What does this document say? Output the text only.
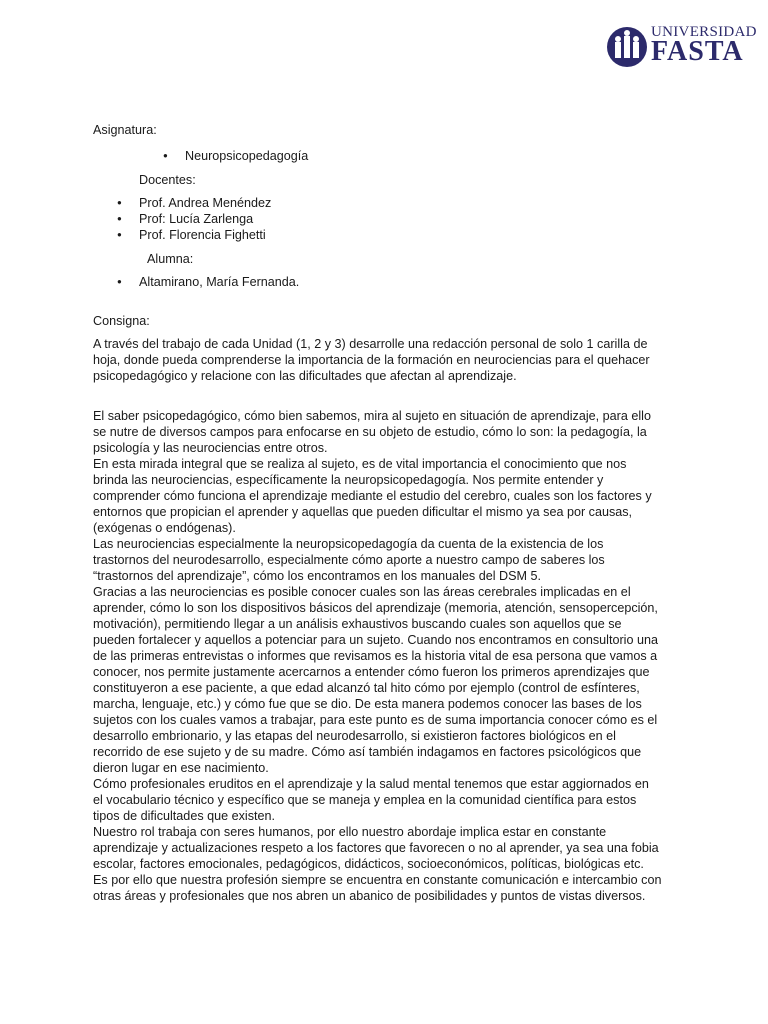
UNIVERSIDAD
FASTA

Asignatura:

● Neuropsicopedagogía

Docentes:

● Prof. Andrea Menéndez

● Prof: Lucía Zarlenga

● Prof. Florencia Fighetti

Alumna:

● Altamirano, María Fernanda.

Consigna:

A través del trabajo de cada Unidad (1, 2 y 3) desarrolle una redacción personal de solo 1 carilla de

hoja, donde pueda comprenderse la importancia de la formación en neurociencias para el quehacer

psicopedagógico y relacione con las dificultades que afectan al aprendizaje.

El saber psicopedagógico, cómo bien sabemos, mira al sujeto en situación de aprendizaje, para ello

se nutre de diversos campos para enfocarse en su objeto de estudio, cómo lo son: la pedagogía, la

psicología y las neurociencias entre otros.

En esta mirada integral que se realiza al sujeto, es de vital importancia el conocimiento que nos

brinda las neurociencias, específicamente la neuropsicopedagogía. Nos permite entender y

comprender cómo funciona el aprendizaje mediante el estudio del cerebro, cuales son los factores y

entornos que propician el aprender y aquellas que pueden dificultar el mismo ya sea por causas,

(exógenas o endógenas).

Las neurociencias especialmente la neuropsicopedagogía da cuenta de la existencia de los

trastornos del neurodesarrollo, especialmente cómo aporte a nuestro campo de saberes los

“trastornos del aprendizaje”, cómo los encontramos en los manuales del DSM 5.

Gracias a las neurociencias es posible conocer cuales son las áreas cerebrales implicadas en el

aprender, cómo lo son los dispositivos básicos del aprendizaje (memoria, atención, sensopercepción,

motivación), permitiendo llegar a un análisis exhaustivos buscando cuales son aquellos que se

pueden fortalecer y aquellos a potenciar para un sujeto. Cuando nos encontramos en consultorio una

de las primeras entrevistas o informes que revisamos es la historia vital de esa persona que vamos a

conocer, nos permite justamente acercarnos a entender cómo fueron los primeros aprendizajes que

constituyeron a ese paciente, a que edad alcanzó tal hito cómo por ejemplo (control de esfínteres,

marcha, lenguaje, etc.) y cómo fue que se dio. De esta manera podemos conocer las bases de los

sujetos con los cuales vamos a trabajar, para este punto es de suma importancia conocer cómo es el

desarrollo embrionario, y las etapas del neurodesarrollo, si existieron factores biológicos en el

recorrido de ese sujeto y de su madre. Cómo así también indagamos en factores psicológicos que

dieron lugar en ese nacimiento.

Cómo profesionales eruditos en el aprendizaje y la salud mental tenemos que estar aggiornados en

el vocabulario técnico y específico que se maneja y emplea en la comunidad científica para estos

tipos de dificultades que existen.

Nuestro rol trabaja con seres humanos, por ello nuestro abordaje implica estar en constante

aprendizaje y actualizaciones respeto a los factores que favorecen o no al aprender, ya sea una fobia

escolar, factores emocionales, pedagógicos, didácticos, socioeconómicos, políticas, biológicas etc.

Es por ello que nuestra profesión siempre se encuentra en constante comunicación e intercambio con

otras áreas y profesionales que nos abren un abanico de posibilidades y puntos de vistas diversos.
